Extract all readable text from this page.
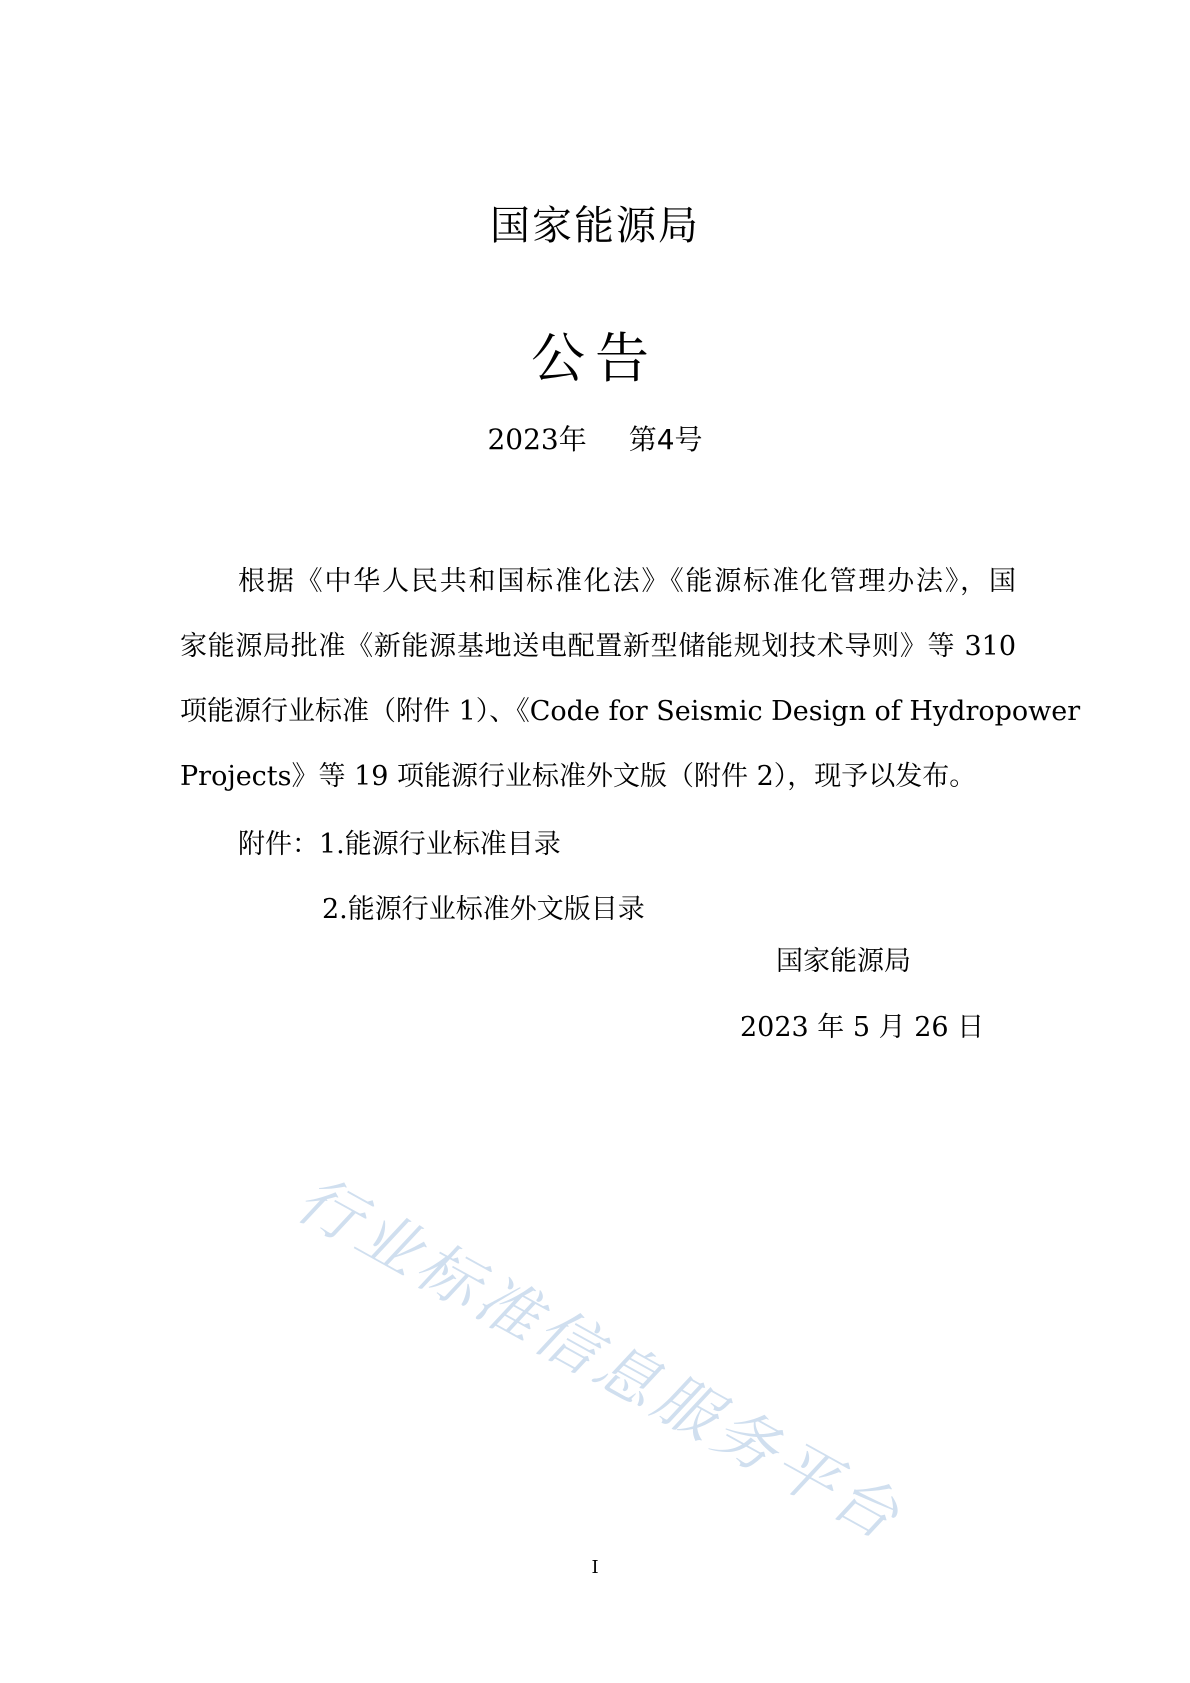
国家能源局
公告
2023年 第4号
根据《中华人民共和国标准化法》《能源标准化管理办法》，国
家能源局批准《新能源基地送电配置新型储能规划技术导则》等 310
项能源行业标准（附件 1）、《Code for Seismic Design of Hydropower
Projects》等 19 项能源行业标准外文版（附件 2），现予以发布。
附件：1.能源行业标准目录
2.能源行业标准外文版目录
国家能源局
2023 年 5 月 26 日
行业标准信息服务平台
I
